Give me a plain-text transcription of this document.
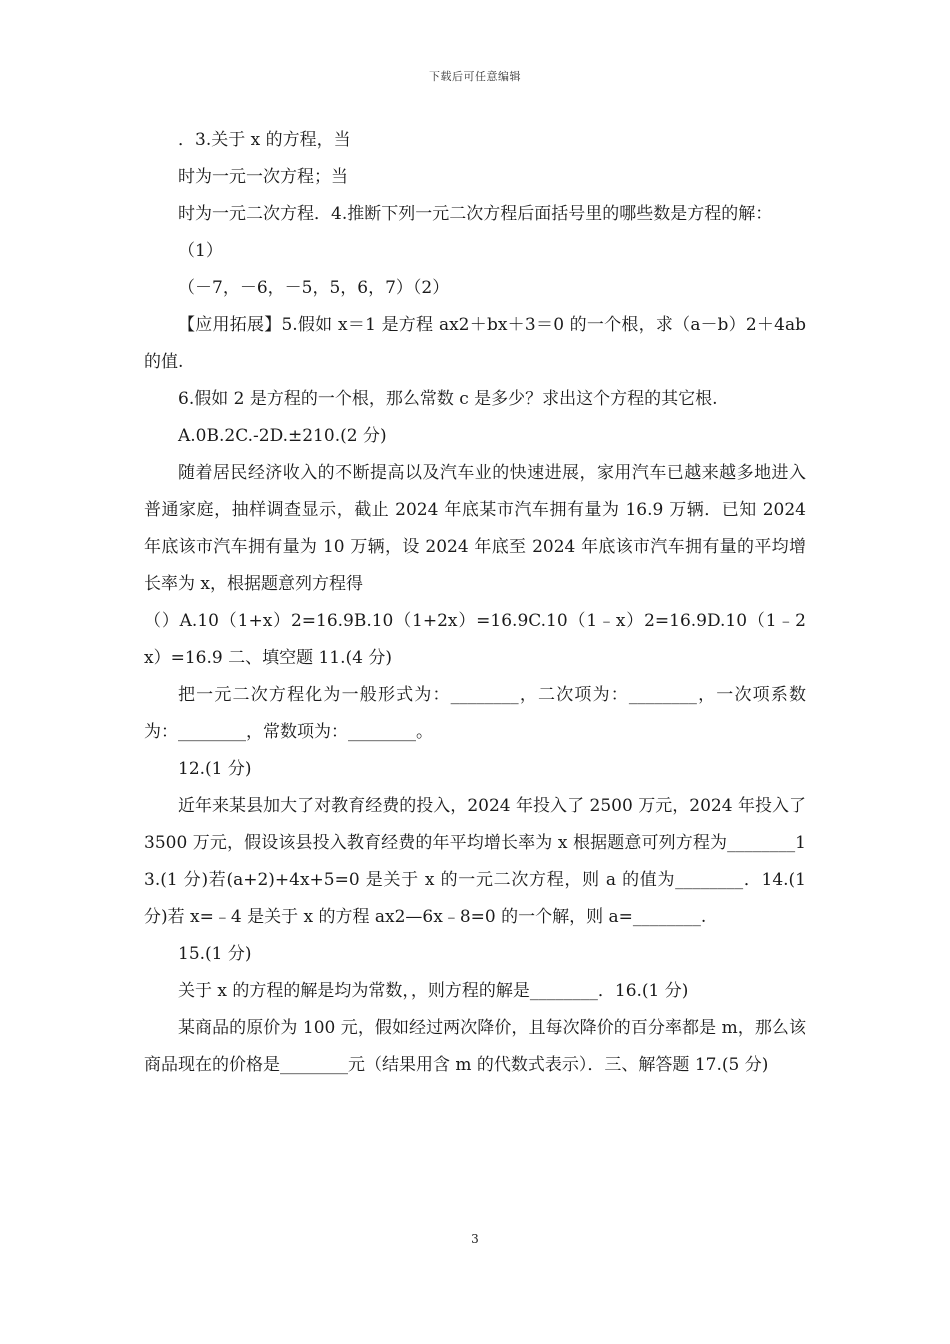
下载后可任意编辑

．3.关于 x 的方程，当

时为一元一次方程；当

时为一元二次方程．4.推断下列一元二次方程后面括号里的哪些数是方程的解：

（1）

（－7，－6，－5，5，6，7）（2）

【应用拓展】5.假如 x＝1 是方程 ax2＋bx＋3＝0 的一个根，求（a－b）2＋4ab 的值.

6.假如 2 是方程的一个根，那么常数 c 是多少？求出这个方程的其它根.

A.0B.2C.-2D.±210.(2 分)

随着居民经济收入的不断提高以及汽车业的快速进展，家用汽车已越来越多地进入普通家庭，抽样调查显示，截止 2024 年底某市汽车拥有量为 16.9 万辆．已知 2024 年底该市汽车拥有量为 10 万辆，设 2024 年底至 2024 年底该市汽车拥有量的平均增长率为 x，根据题意列方程得

（）A.10（1+x）2=16.9B.10（1+2x）=16.9C.10（1﹣x）2=16.9D.10（1﹣2x）=16.9 二、填空题 11.(4 分)

把一元二次方程化为一般形式为：________，二次项为：________，一次项系数为：________，常数项为：________。

12.(1 分)

近年来某县加大了对教育经费的投入，2024 年投入了 2500 万元，2024 年投入了 3500 万元，假设该县投入教育经费的年平均增长率为 x 根据题意可列方程为________13.(1 分)若(a+2)+4x+5=0 是关于 x 的一元二次方程，则 a 的值为________．14.(1 分)若 x=﹣4 是关于 x 的方程 ax2—6x﹣8=0 的一个解，则 a=________.

15.(1 分)

关于 x 的方程的解是均为常数，，则方程的解是________．16.(1 分)

某商品的原价为 100 元，假如经过两次降价，且每次降价的百分率都是 m，那么该商品现在的价格是________元（结果用含 m 的代数式表示）．三、解答题 17.(5 分)

3
